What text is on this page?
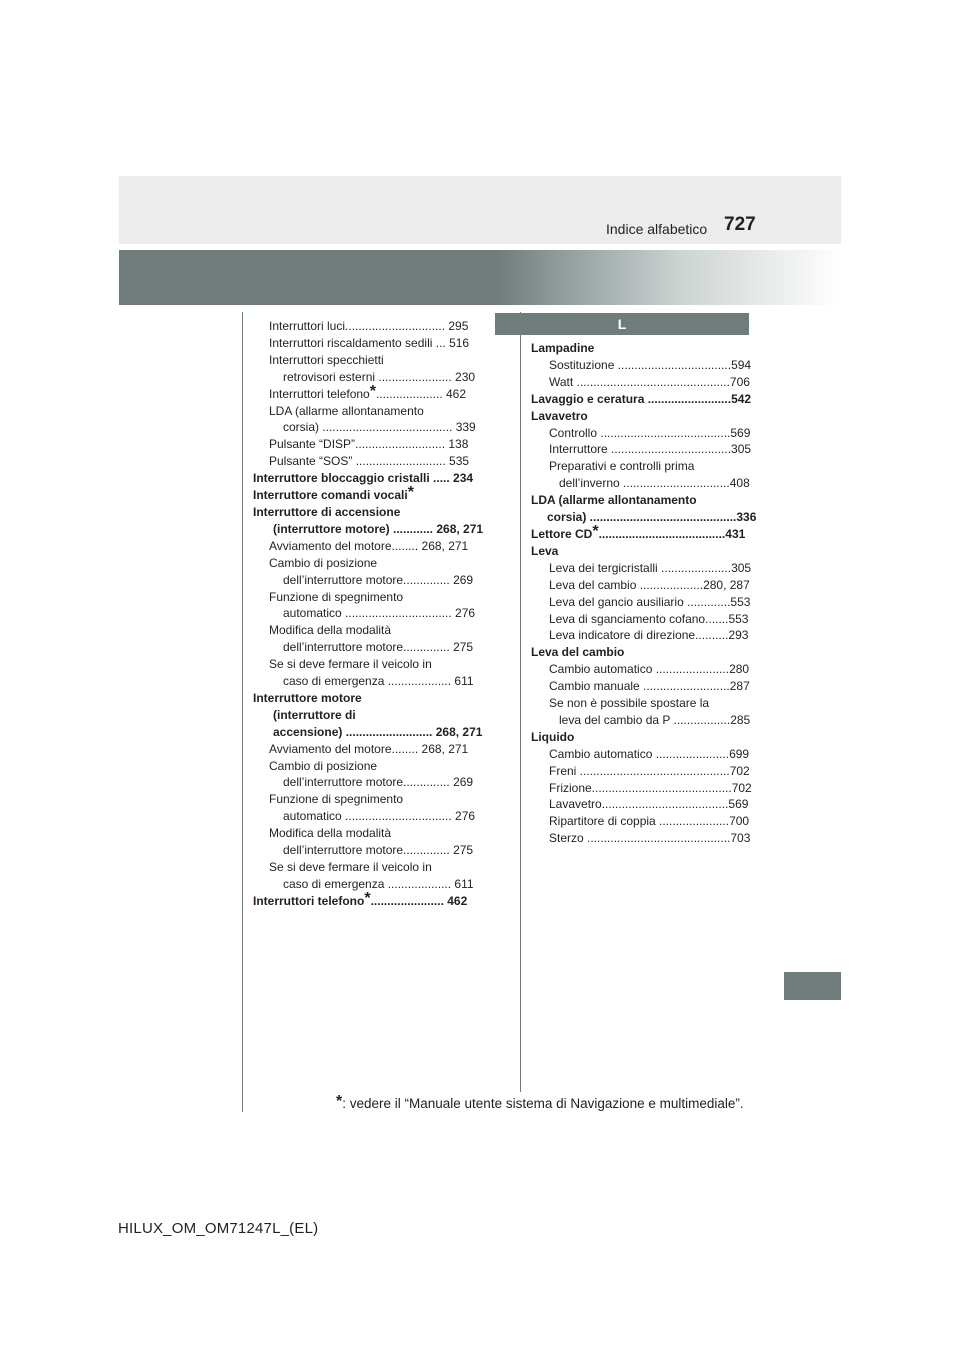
727
Indice alfabetico
Interruttori luci.............................. 295
Interruttori riscaldamento sedili ... 516
Interruttori specchietti
retrovisori esterni ...................... 230
Interruttori telefono*.................... 462
LDA (allarme allontanamento
corsia) ....................................... 339
Pulsante “DISP”........................... 138
Pulsante “SOS” ........................... 535
Interruttore bloccaggio cristalli ..... 234
Interruttore comandi vocali*
Interruttore di accensione
(interruttore motore) ............ 268, 271
Avviamento del motore........ 268, 271
Cambio di posizione
dell’interruttore motore.............. 269
Funzione di spegnimento
automatico ................................ 276
Modifica della modalità
dell’interruttore motore.............. 275
Se si deve fermare il veicolo in
caso di emergenza ................... 611
Interruttore motore
(interruttore di
accensione) .......................... 268, 271
Avviamento del motore........ 268, 271
Cambio di posizione
dell’interruttore motore.............. 269
Funzione di spegnimento
automatico ................................ 276
Modifica della modalità
dell’interruttore motore.............. 275
Se si deve fermare il veicolo in
caso di emergenza ................... 611
Interruttori telefono*...................... 462
L
Lampadine
Sostituzione ..................................594
Watt ..............................................706
Lavaggio e ceratura .........................542
Lavavetro
Controllo .......................................569
Interruttore ....................................305
Preparativi e controlli prima
dell’inverno ................................408
LDA (allarme allontanamento
corsia) ............................................336
Lettore CD*......................................431
Leva
Leva dei tergicristalli .....................305
Leva del cambio ...................280, 287
Leva del gancio ausiliario .............553
Leva di sganciamento cofano.......553
Leva indicatore di direzione..........293
Leva del cambio
Cambio automatico ......................280
Cambio manuale ..........................287
Se non è possibile spostare la
leva del cambio da P .................285
Liquido
Cambio automatico ......................699
Freni .............................................702
Frizione..........................................702
Lavavetro......................................569
Ripartitore di coppia .....................700
Sterzo ...........................................703
*: vedere il “Manuale utente sistema di Navigazione e multimediale”.
HILUX_OM_OM71247L_(EL)
